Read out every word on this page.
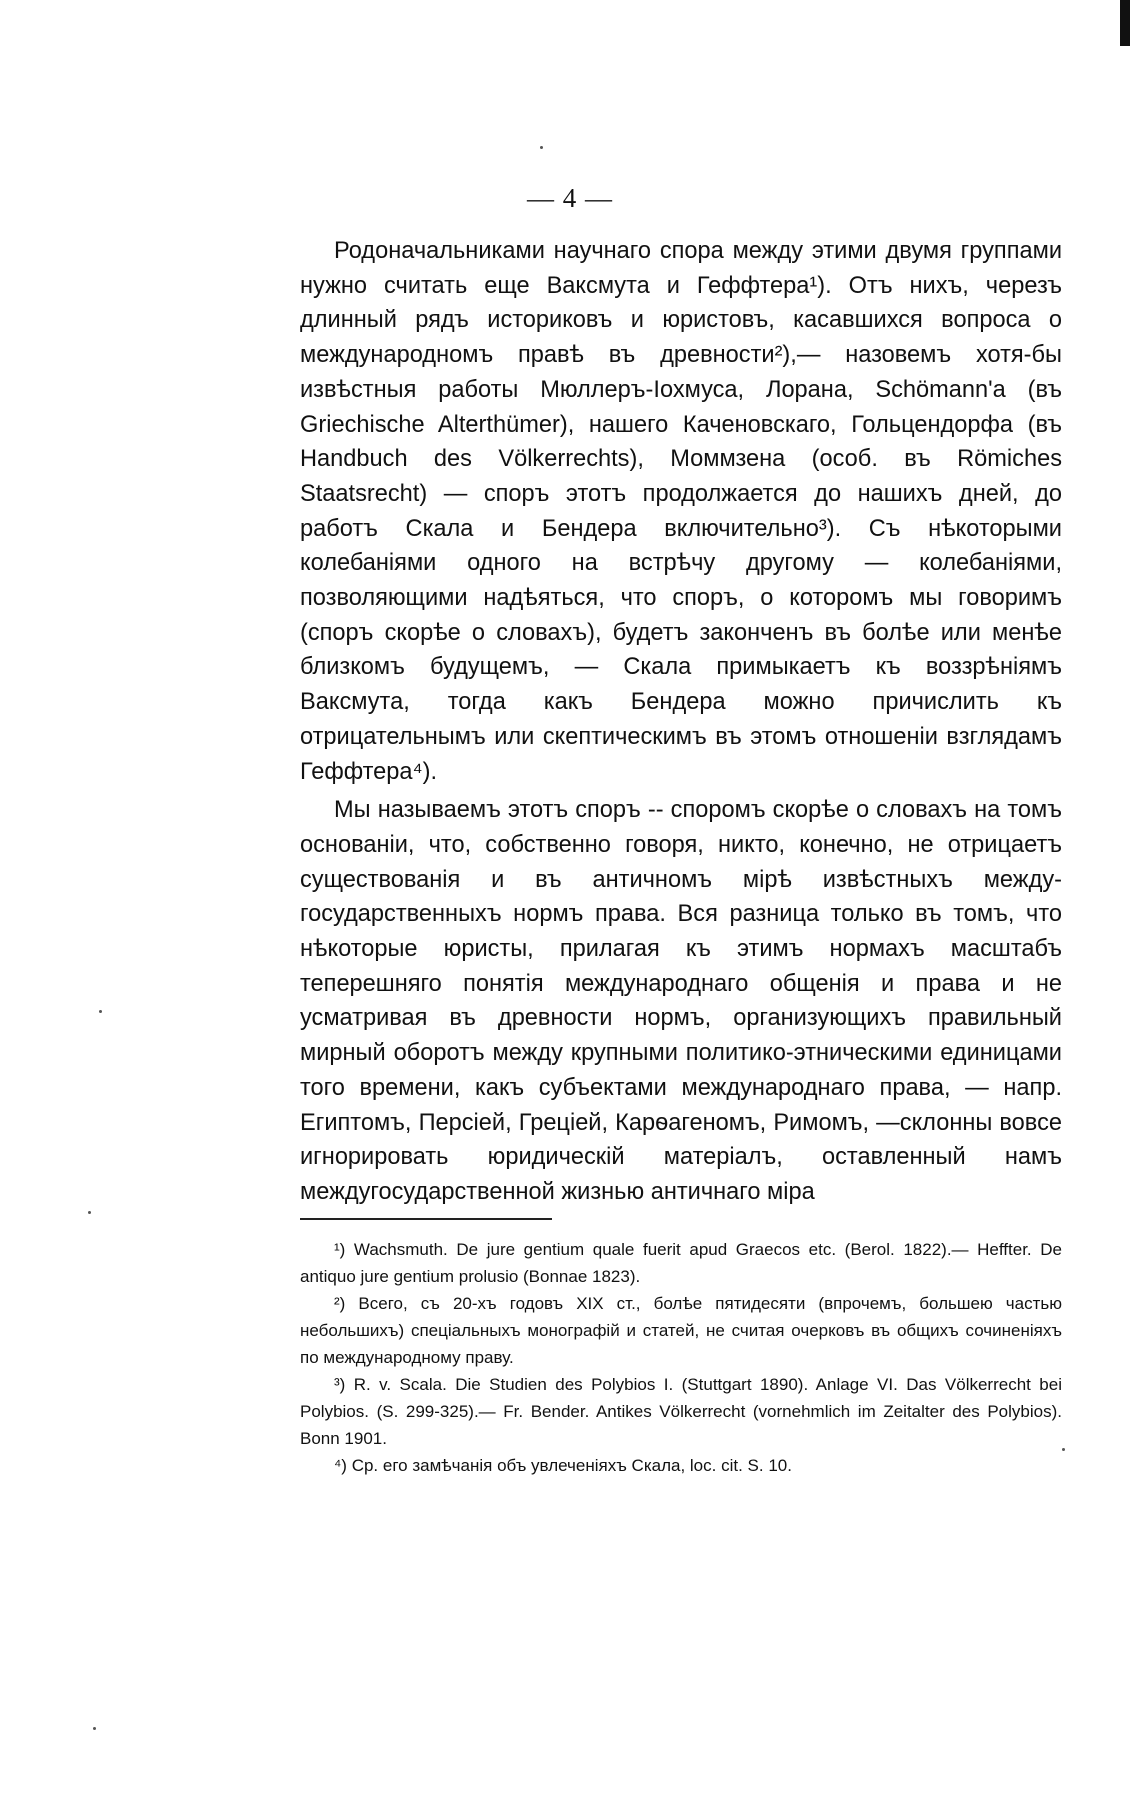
— 4 —

Родоначальниками научнаго спора между этими двумя группами нужно считать еще Ваксмута и Геффтера¹). Отъ нихъ, черезъ длинный рядъ историковъ и юристовъ, касавшихся вопроса о международномъ правѣ въ древности²),— назовемъ хотя-бы извѣстныя работы Мюллеръ-Іохмуса, Лорана, Schömann'a (въ Griechische Alterthümer), нашего Каченовскаго, Гольцендорфа (въ Handbuch des Völkerrechts), Моммзена (особ. въ Römiches Staatsrecht) — споръ этотъ продолжается до нашихъ дней, до работъ Скала и Бендера включительно³). Съ нѣкоторыми колебаніями одного на встрѣчу другому — колебаніями, позволяющими надѣяться, что споръ, о которомъ мы говоримъ (споръ скорѣе о словахъ), будетъ законченъ въ болѣе или менѣе близкомъ будущемъ, — Скала примыкаетъ къ воззрѣніямъ Ваксмута, тогда какъ Бендера можно причислить къ отрицательнымъ или скептическимъ въ этомъ отношеніи взглядамъ Геффтера⁴).

Мы называемъ этотъ споръ -- споромъ скорѣе о словахъ на томъ основаніи, что, собственно говоря, никто, конечно, не отрицаетъ существованія и въ античномъ мірѣ извѣстныхъ между-государственныхъ нормъ права. Вся разница только въ томъ, что нѣкоторые юристы, прилагая къ этимъ нормахъ масштабъ теперешняго понятія международнаго общенія и права и не усматривая въ древности нормъ, организующихъ правильный мирный оборотъ между крупными политико-этническими единицами того времени, какъ субъектами международнаго права, — напр. Египтомъ, Персіей, Греціей, Карѳагеномъ, Римомъ, —склонны вовсе игнорировать юридическій матеріалъ, оставленный намъ междугосударственной жизнью античнаго міра

¹) Wachsmuth. De jure gentium quale fuerit apud Graecos etc. (Berol. 1822).— Heffter. De antiquo jure gentium prolusio (Bonnae 1823).

²) Всего, съ 20-хъ годовъ XIX ст., болѣе пятидесяти (впрочемъ, большею частью небольшихъ) спеціальныхъ монографій и статей, не считая очерковъ въ общихъ сочиненіяхъ по международному праву.

³) R. v. Scala. Die Studien des Polybios I. (Stuttgart 1890). Anlage VI. Das Völkerrecht bei Polybios. (S. 299-325).— Fr. Bender. Antikes Völkerrecht (vornehmlich im Zeitalter des Polybios). Bonn 1901.

⁴) Ср. его замѣчанія объ увлеченіяхъ Скала, loc. cit. S. 10.
